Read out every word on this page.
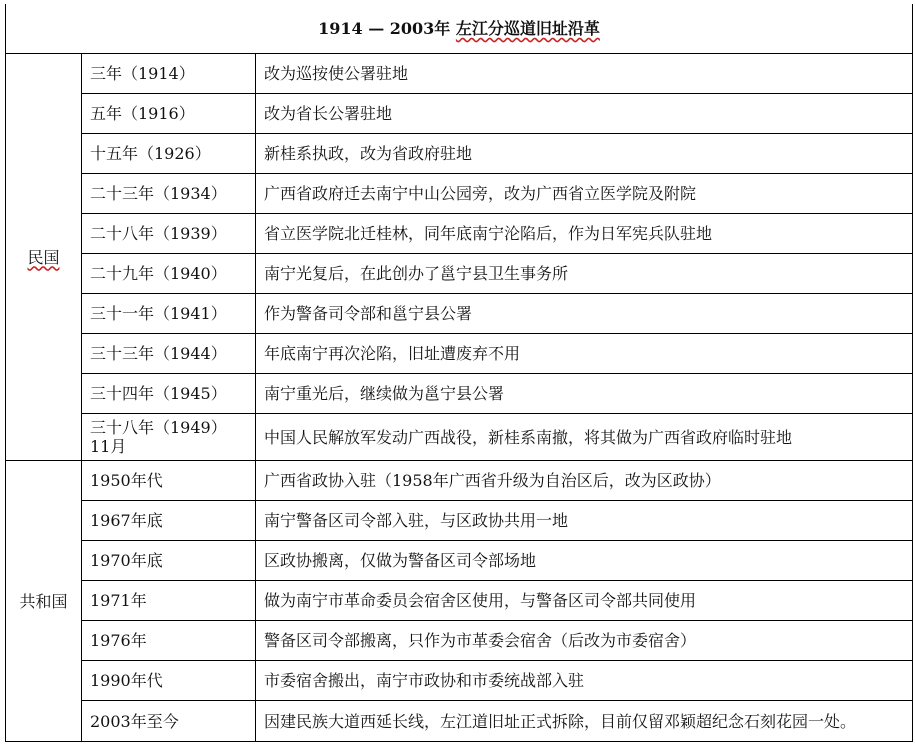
1914 — 2003年 左江分巡道旧址沿革		
民国	三年（1914）	改为巡按使公署驻地
	五年（1916）	改为省长公署驻地
	十五年（1926）	新桂系执政，改为省政府驻地
	二十三年（1934）	广西省政府迁去南宁中山公园旁，改为广西省立医学院及附院
	二十八年（1939）	省立医学院北迁桂林，同年底南宁沦陷后，作为日军宪兵队驻地
	二十九年（1940）	南宁光复后，在此创办了邕宁县卫生事务所
	三十一年（1941）	作为警备司令部和邕宁县公署
	三十三年（1944）	年底南宁再次沦陷，旧址遭废弃不用
	三十四年（1945）	南宁重光后，继续做为邕宁县公署
	三十八年（1949）11月	中国人民解放军发动广西战役，新桂系南撤，将其做为广西省政府临时驻地
共和国	1950年代	广西省政协入驻（1958年广西省升级为自治区后，改为区政协）
	1967年底	南宁警备区司令部入驻，与区政协共用一地
	1970年底	区政协搬离，仅做为警备区司令部场地
	1971年	做为南宁市革命委员会宿舍区使用，与警备区司令部共同使用
	1976年	警备区司令部搬离，只作为市革委会宿舍（后改为市委宿舍）
	1990年代	市委宿舍搬出，南宁市政协和市委统战部入驻
	2003年至今	因建民族大道西延长线，左江道旧址正式拆除，目前仅留邓颖超纪念石刻花园一处。
